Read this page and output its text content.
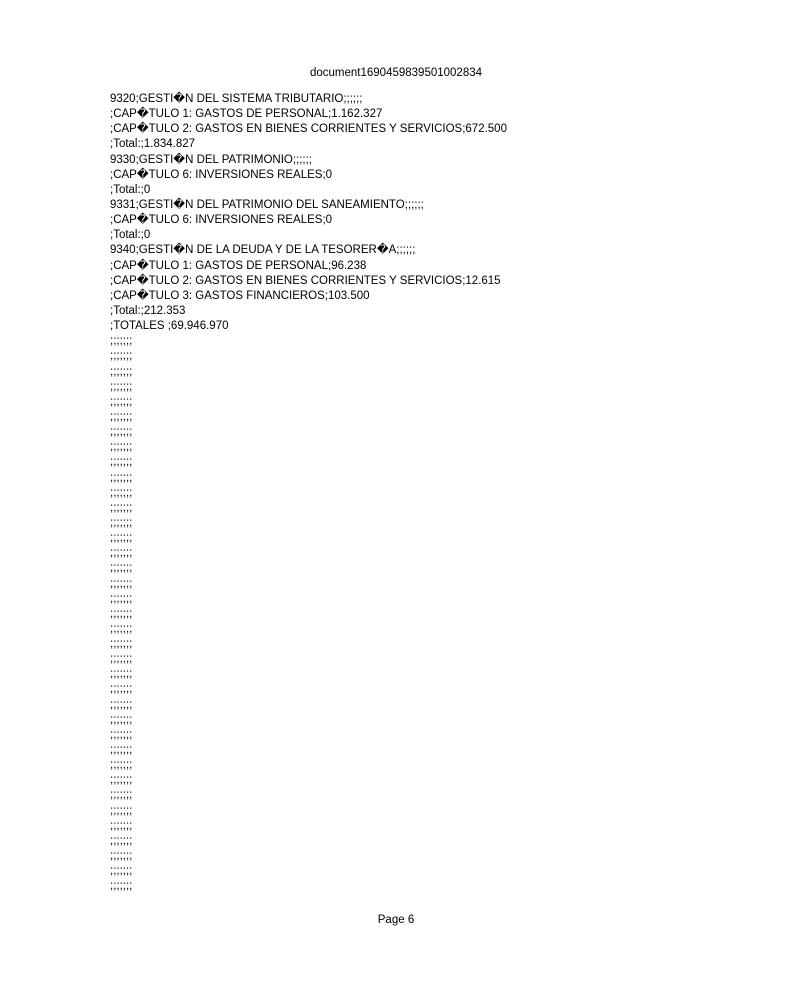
document1690459839501002834
9320;GESTI�N DEL SISTEMA TRIBUTARIO;;;;;;
;CAP�TULO 1: GASTOS DE PERSONAL;1.162.327
;CAP�TULO 2: GASTOS EN BIENES CORRIENTES Y SERVICIOS;672.500
;Total:;1.834.827
9330;GESTI�N DEL PATRIMONIO;;;;;;
;CAP�TULO 6: INVERSIONES REALES;0
;Total:;0
9331;GESTI�N DEL PATRIMONIO DEL SANEAMIENTO;;;;;;
;CAP�TULO 6: INVERSIONES REALES;0
;Total:;0
9340;GESTI�N DE LA DEUDA Y DE LA TESORER�A;;;;;;
;CAP�TULO 1: GASTOS DE PERSONAL;96.238
;CAP�TULO 2: GASTOS EN BIENES CORRIENTES Y SERVICIOS;12.615
;CAP�TULO 3: GASTOS FINANCIEROS;103.500
;Total:;212.353
;TOTALES ;69.946.970
;;;;;;;
;;;;;;;
;;;;;;;
;;;;;;;
;;;;;;;
;;;;;;;
;;;;;;;
;;;;;;;
;;;;;;;
;;;;;;;
;;;;;;;
;;;;;;;
;;;;;;;
;;;;;;;
;;;;;;;
;;;;;;;
;;;;;;;
;;;;;;;
;;;;;;;
;;;;;;;
;;;;;;;
;;;;;;;
;;;;;;;
;;;;;;;
;;;;;;;
;;;;;;;
;;;;;;;
;;;;;;;
;;;;;;;
;;;;;;;
;;;;;;;
;;;;;;;
;;;;;;;
;;;;;;;
;;;;;;;
;;;;;;;
;;;;;;;
Page 6
